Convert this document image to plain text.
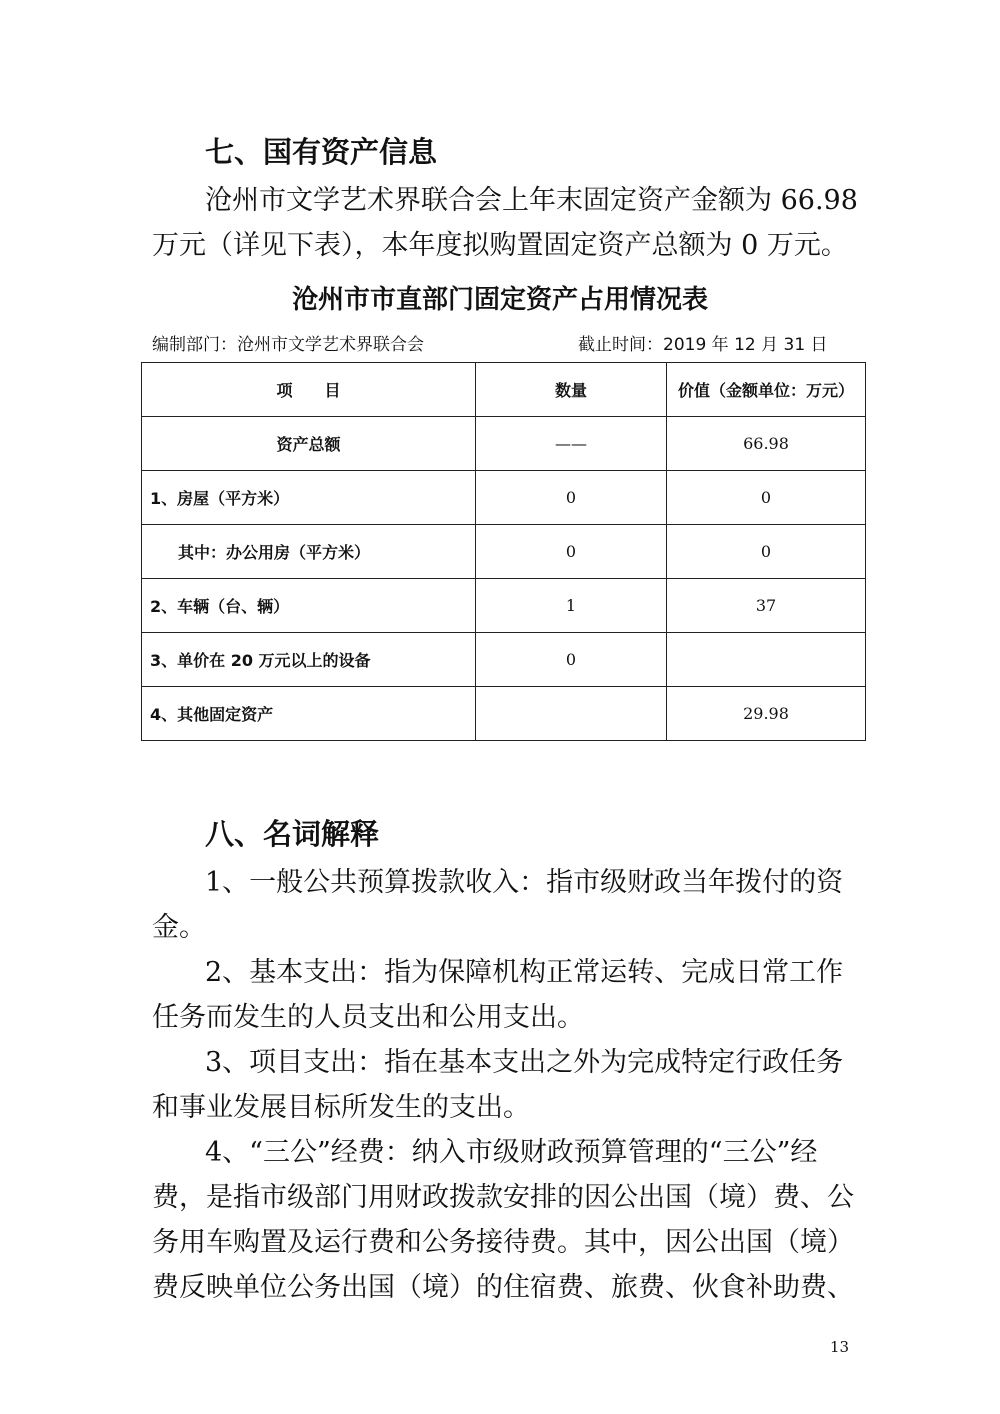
七、国有资产信息
沧州市文学艺术界联合会上年末固定资产金额为 66.98
万元（详见下表），本年度拟购置固定资产总额为 0 万元。
沧州市市直部门固定资产占用情况表
编制部门：沧州市文学艺术界联合会	截止时间：2019 年 12 月 31 日
项　　目	数量	价值（金额单位：万元）
资产总额	——	66.98
1、房屋（平方米）	0	0
其中：办公用房（平方米）	0	0
2、车辆（台、辆）	1	37
3、单价在 20 万元以上的设备	0	
4、其他固定资产		29.98
八、名词解释
1、一般公共预算拨款收入：指市级财政当年拨付的资
金。
2、基本支出：指为保障机构正常运转、完成日常工作
任务而发生的人员支出和公用支出。
3、项目支出：指在基本支出之外为完成特定行政任务
和事业发展目标所发生的支出。
4、“三公”经费：纳入市级财政预算管理的“三公”经
费，是指市级部门用财政拨款安排的因公出国（境）费、公
务用车购置及运行费和公务接待费。其中，因公出国（境）
费反映单位公务出国（境）的住宿费、旅费、伙食补助费、
13
